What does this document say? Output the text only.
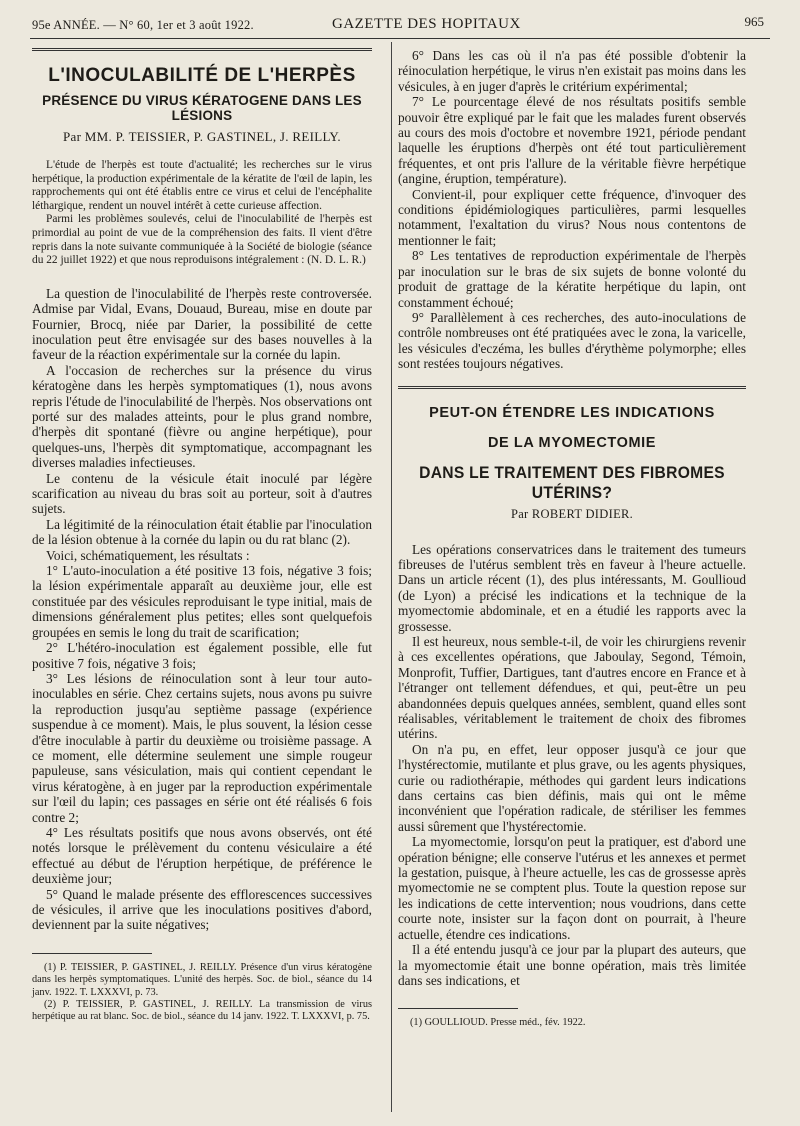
95e ANNÉE. — N° 60, 1er et 3 août 1922.	GAZETTE DES HOPITAUX	965
L'INOCULABILITÉ DE L'HERPÈS
PRÉSENCE DU VIRUS KÉRATOGENE DANS LES LÉSIONS
Par MM. P. TEISSIER, P. GASTINEL, J. REILLY.

L'étude de l'herpès est toute d'actualité; les recherches sur le virus herpétique, la production expérimentale de la kératite de l'œil de lapin, les rapprochements qui ont été établis entre ce virus et celui de l'encéphalite léthargique, rendent un nouvel intérêt à cette curieuse affection.

Parmi les problèmes soulevés, celui de l'inoculabilité de l'herpès est primordial au point de vue de la compréhension des faits. Il vient d'être repris dans la note suivante communiquée à la Société de biologie (séance du 22 juillet 1922) et que nous reproduisons intégralement : (N. D. L. R.)

La question de l'inoculabilité de l'herpès reste controversée. Admise par Vidal, Evans, Douaud, Bureau, mise en doute par Fournier, Brocq, niée par Darier, la possibilité de cette inoculation peut être envisagée sur des bases nouvelles à la faveur de la réaction expérimentale sur la cornée du lapin.

A l'occasion de recherches sur la présence du virus kératogène dans les herpès symptomatiques (1), nous avons repris l'étude de l'inoculabilité de l'herpès. Nos observations ont porté sur des malades atteints, pour le plus grand nombre, d'herpès dit spontané (fièvre ou angine herpétique), pour quelques-uns, l'herpès dit symptomatique, accompagnant les diverses maladies infectieuses.

Le contenu de la vésicule était inoculé par légère scarification au niveau du bras soit au porteur, soit à d'autres sujets.

La légitimité de la réinoculation était établie par l'inoculation de la lésion obtenue à la cornée du lapin ou du rat blanc (2).

Voici, schématiquement, les résultats :

1° L'auto-inoculation a été positive 13 fois, négative 3 fois; la lésion expérimentale apparaît au deuxième jour, elle est constituée par des vésicules reproduisant le type initial, mais de dimensions généralement plus petites; elles sont quelquefois groupées en semis le long du trait de scarification;

2° L'hétéro-inoculation est également possible, elle fut positive 7 fois, négative 3 fois;

3° Les lésions de réinoculation sont à leur tour auto-inoculables en série. Chez certains sujets, nous avons pu suivre la reproduction jusqu'au septième passage (expérience suspendue à ce moment). Mais, le plus souvent, la lésion cesse d'être inoculable à partir du deuxième ou troisième passage. A ce moment, elle détermine seulement une simple rougeur papuleuse, sans vésiculation, mais qui contient cependant le virus kératogène, à en juger par la reproduction expérimentale sur l'œil du lapin; ces passages en série ont été réalisés 6 fois contre 2;

4° Les résultats positifs que nous avons observés, ont été notés lorsque le prélèvement du contenu vésiculaire a été effectué au début de l'éruption herpétique, de préférence le deuxième jour;

5° Quand le malade présente des efflorescences successives de vésicules, il arrive que les inoculations positives d'abord, deviennent par la suite négatives;

(1) P. TEISSIER, P. GASTINEL, J. REILLY. Présence d'un virus kératogène dans les herpès symptomatiques. L'unité des herpès. Soc. de biol., séance du 14 janv. 1922. T. LXXXVI, p. 73.

(2) P. TEISSIER, P. GASTINEL, J. REILLY. La transmission de virus herpétique au rat blanc. Soc. de biol., séance du 14 janv. 1922. T. LXXXVI, p. 75.

6° Dans les cas où il n'a pas été possible d'obtenir la réinoculation herpétique, le virus n'en existait pas moins dans les vésicules, à en juger d'après le critérium expérimental;

7° Le pourcentage élevé de nos résultats positifs semble pouvoir être expliqué par le fait que les malades furent observés au cours des mois d'octobre et novembre 1921, période pendant laquelle les éruptions d'herpès ont été tout particulièrement fréquentes, et ont pris l'allure de la véritable fièvre herpétique (angine, éruption, température).

Convient-il, pour expliquer cette fréquence, d'invoquer des conditions épidémiologiques particulières, parmi lesquelles notamment, l'exaltation du virus? Nous nous contentons de mentionner le fait;

8° Les tentatives de reproduction expérimentale de l'herpès par inoculation sur le bras de six sujets de bonne volonté du produit de grattage de la kératite herpétique du lapin, ont constamment échoué;

9° Parallèlement à ces recherches, des auto-inoculations de contrôle nombreuses ont été pratiquées avec le zona, la varicelle, les vésicules d'eczéma, les bulles d'érythème polymorphe; elles sont restées toujours négatives.

PEUT-ON ÉTENDRE LES INDICATIONS
DE LA MYOMECTOMIE
DANS LE TRAITEMENT DES FIBROMES UTÉRINS?
Par ROBERT DIDIER.

Les opérations conservatrices dans le traitement des tumeurs fibreuses de l'utérus semblent très en faveur à l'heure actuelle. Dans un article récent (1), des plus intéressants, M. Goullioud (de Lyon) a précisé les indications et la technique de la myomectomie abdominale, et en a étudié les rapports avec la grossesse.

Il est heureux, nous semble-t-il, de voir les chirurgiens revenir à ces excellentes opérations, que Jaboulay, Segond, Témoin, Monprofit, Tuffier, Dartigues, tant d'autres encore en France et à l'étranger ont tellement défendues, et qui, peut-être un peu abandonnées depuis quelques années, semblent, quand elles sont réalisables, véritablement le traitement de choix des fibromes utérins.

On n'a pu, en effet, leur opposer jusqu'à ce jour que l'hystérectomie, mutilante et plus grave, ou les agents physiques, curie ou radiothérapie, méthodes qui gardent leurs indications dans certains cas bien définis, mais qui ont le même inconvénient que l'opération radicale, de stériliser les femmes aussi sûrement que l'hystérectomie.

La myomectomie, lorsqu'on peut la pratiquer, est d'abord une opération bénigne; elle conserve l'utérus et les annexes et permet la gestation, puisque, à l'heure actuelle, les cas de grossesse après myomectomie ne se comptent plus. Toute la question repose sur les indications de cette intervention; nous voudrions, dans cette courte note, insister sur la façon dont on pourrait, à l'heure actuelle, étendre ces indications.

Il a été entendu jusqu'à ce jour par la plupart des auteurs, que la myomectomie était une bonne opération, mais très limitée dans ses indications, et

(1) GOULLIOUD. Presse méd., fév. 1922.
